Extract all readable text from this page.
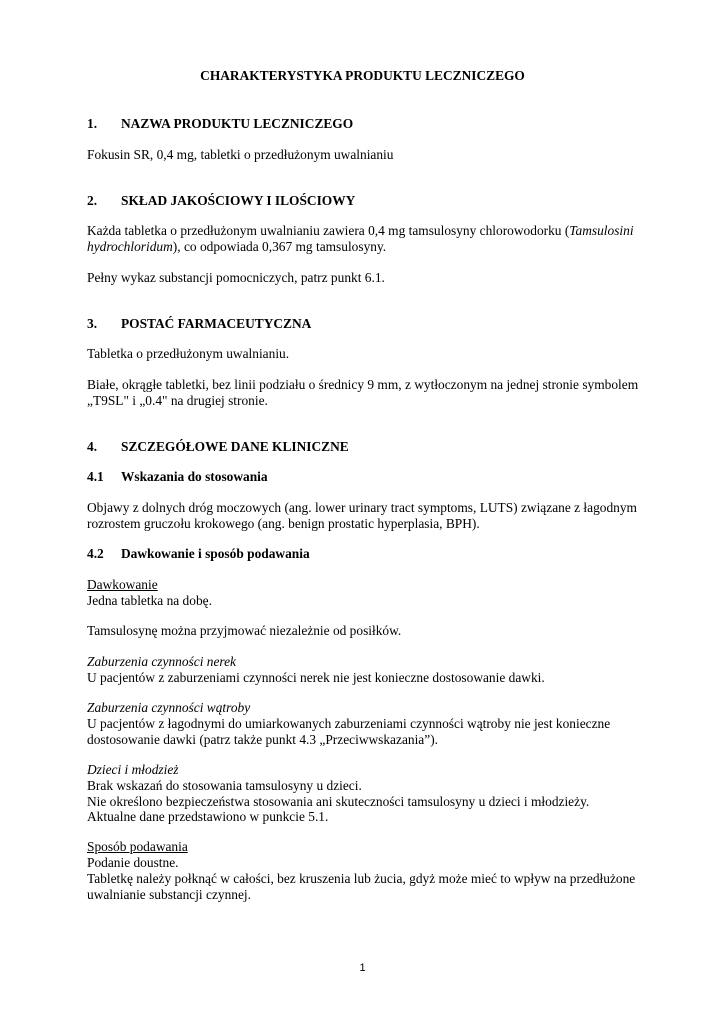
CHARAKTERYSTYKA PRODUKTU LECZNICZEGO
1. NAZWA PRODUKTU LECZNICZEGO
Fokusin SR, 0,4 mg, tabletki o przedłużonym uwalnianiu
2. SKŁAD JAKOŚCIOWY I ILOŚCIOWY
Każda tabletka o przedłużonym uwalnianiu zawiera 0,4 mg tamsulosyny chlorowodorku (Tamsulosini
hydrochloridum), co odpowiada 0,367 mg tamsulosyny.
Pełny wykaz substancji pomocniczych, patrz punkt 6.1.
3. POSTAĆ FARMACEUTYCZNA
Tabletka o przedłużonym uwalnianiu.
Białe, okrągłe tabletki, bez linii podziału o średnicy 9 mm, z wytłoczonym na jednej stronie symbolem
„T9SL" i „0.4" na drugiej stronie.
4. SZCZEGÓŁOWE DANE KLINICZNE
4.1 Wskazania do stosowania
Objawy z dolnych dróg moczowych (ang. lower urinary tract symptoms, LUTS) związane z łagodnym
rozrostem gruczołu krokowego (ang. benign prostatic hyperplasia, BPH).
4.2 Dawkowanie i sposób podawania
Dawkowanie
Jedna tabletka na dobę.
Tamsulosynę można przyjmować niezależnie od posiłków.
Zaburzenia czynności nerek
U pacjentów z zaburzeniami czynności nerek nie jest konieczne dostosowanie dawki.
Zaburzenia czynności wątroby
U pacjentów z łagodnymi do umiarkowanych zaburzeniami czynności wątroby nie jest konieczne
dostosowanie dawki (patrz także punkt 4.3 „Przeciwwskazania”).
Dzieci i młodzież
Brak wskazań do stosowania tamsulosyny u dzieci.
Nie określono bezpieczeństwa stosowania ani skuteczności tamsulosyny u dzieci i młodzieży.
Aktualne dane przedstawiono w punkcie 5.1.
Sposób podawania
Podanie doustne.
Tabletkę należy połknąć w całości, bez kruszenia lub żucia, gdyż może mieć to wpływ na przedłużone
uwalnianie substancji czynnej.
1
